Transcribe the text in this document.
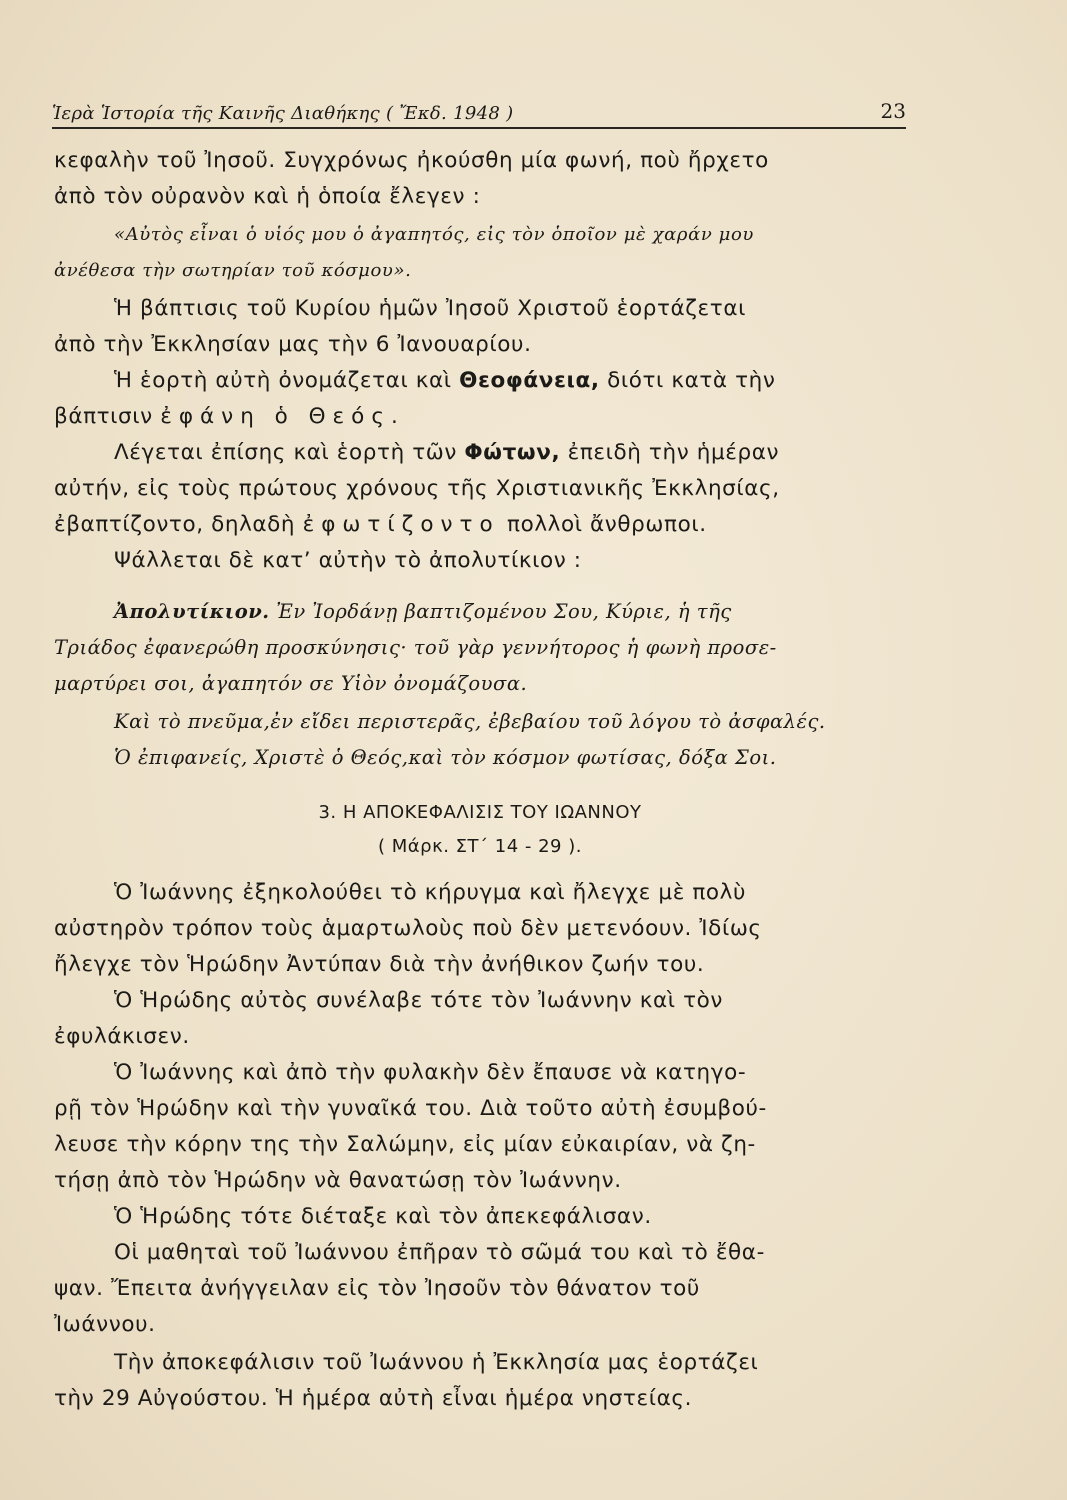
Ἱερὰ Ἱστορία τῆς Καινῆς Διαθήκης ( Ἔκδ. 1948 )	23
κεφαλὴν τοῦ Ἰησοῦ. Συγχρόνως ἠκούσθη μία φωνή, ποὺ ἤρχετο
ἀπὸ τὸν οὐρανὸν καὶ ἡ ὁποία ἔλεγεν :
«Αὐτὸς εἶναι ὁ υἱός μου ὁ ἀγαπητός, εἰς τὸν ὁποῖον μὲ χαράν μου
ἀνέθεσα τὴν σωτηρίαν τοῦ κόσμου».
Ἡ βάπτισις τοῦ Κυρίου ἡμῶν Ἰησοῦ Χριστοῦ ἑορτάζεται
ἀπὸ τὴν Ἐκκλησίαν μας τὴν 6 Ἰανουαρίου.
Ἡ ἑορτὴ αὐτὴ ὀνομάζεται καὶ Θεοφάνεια, διότι κατὰ τὴν
βάπτισιν ἐφάνη ὁ Θεός.
Λέγεται ἐπίσης καὶ ἑορτὴ τῶν Φώτων, ἐπειδὴ τὴν ἡμέραν
αὐτήν, εἰς τοὺς πρώτους χρόνους τῆς Χριστιανικῆς Ἐκκλησίας,
ἐβαπτίζοντο, δηλαδὴ ἐφωτίζοντο πολλοὶ ἄνθρωποι.
Ψάλλεται δὲ κατ’ αὐτὴν τὸ ἀπολυτίκιον :
Ἀπολυτίκιον. Ἐν Ἰορδάνῃ βαπτιζομένου Σου, Κύριε, ἡ τῆς
Τριάδος ἐφανερώθη προσκύνησις· τοῦ γὰρ γεννήτορος ἡ φωνὴ προσε-
μαρτύρει σοι, ἀγαπητόν σε Υἱὸν ὀνομάζουσα.
Καὶ τὸ πνεῦμα,ἐν εἴδει περιστερᾶς, ἐβεβαίου τοῦ λόγου τὸ ἀσφαλές.
Ὁ ἐπιφανείς, Χριστὲ ὁ Θεός,καὶ τὸν κόσμον φωτίσας, δόξα Σοι.
3. Η ΑΠΟΚΕΦΑΛΙΣΙΣ ΤΟΥ ΙΩΑΝΝΟΥ
( Μάρκ. ΣΤ΄ 14 - 29 ).
Ὁ Ἰωάννης ἐξηκολούθει τὸ κήρυγμα καὶ ἤλεγχε μὲ πολὺ
αὐστηρὸν τρόπον τοὺς ἁμαρτωλοὺς ποὺ δὲν μετενόουν. Ἰδίως
ἤλεγχε τὸν Ἡρώδην Ἀντύπαν διὰ τὴν ἀνήθικον ζωήν του.
Ὁ Ἡρώδης αὐτὸς συνέλαβε τότε τὸν Ἰωάννην καὶ τὸν
ἐφυλάκισεν.
Ὁ Ἰωάννης καὶ ἀπὸ τὴν φυλακὴν δὲν ἔπαυσε νὰ κατηγο-
ρῇ τὸν Ἡρώδην καὶ τὴν γυναῖκά του. Διὰ τοῦτο αὐτὴ ἐσυμβού-
λευσε τὴν κόρην της τὴν Σαλώμην, εἰς μίαν εὐκαιρίαν, νὰ ζη-
τήσῃ ἀπὸ τὸν Ἡρώδην νὰ θανατώσῃ τὸν Ἰωάννην.
Ὁ Ἡρώδης τότε διέταξε καὶ τὸν ἀπεκεφάλισαν.
Οἱ μαθηταὶ τοῦ Ἰωάννου ἐπῆραν τὸ σῶμά του καὶ τὸ ἔθα-
ψαν. Ἔπειτα ἀνήγγειλαν εἰς τὸν Ἰησοῦν τὸν θάνατον τοῦ
Ἰωάννου.
Τὴν ἀποκεφάλισιν τοῦ Ἰωάννου ἡ Ἐκκλησία μας ἑορτάζει
τὴν 29 Αὐγούστου. Ἡ ἡμέρα αὐτὴ εἶναι ἡμέρα νηστείας.
